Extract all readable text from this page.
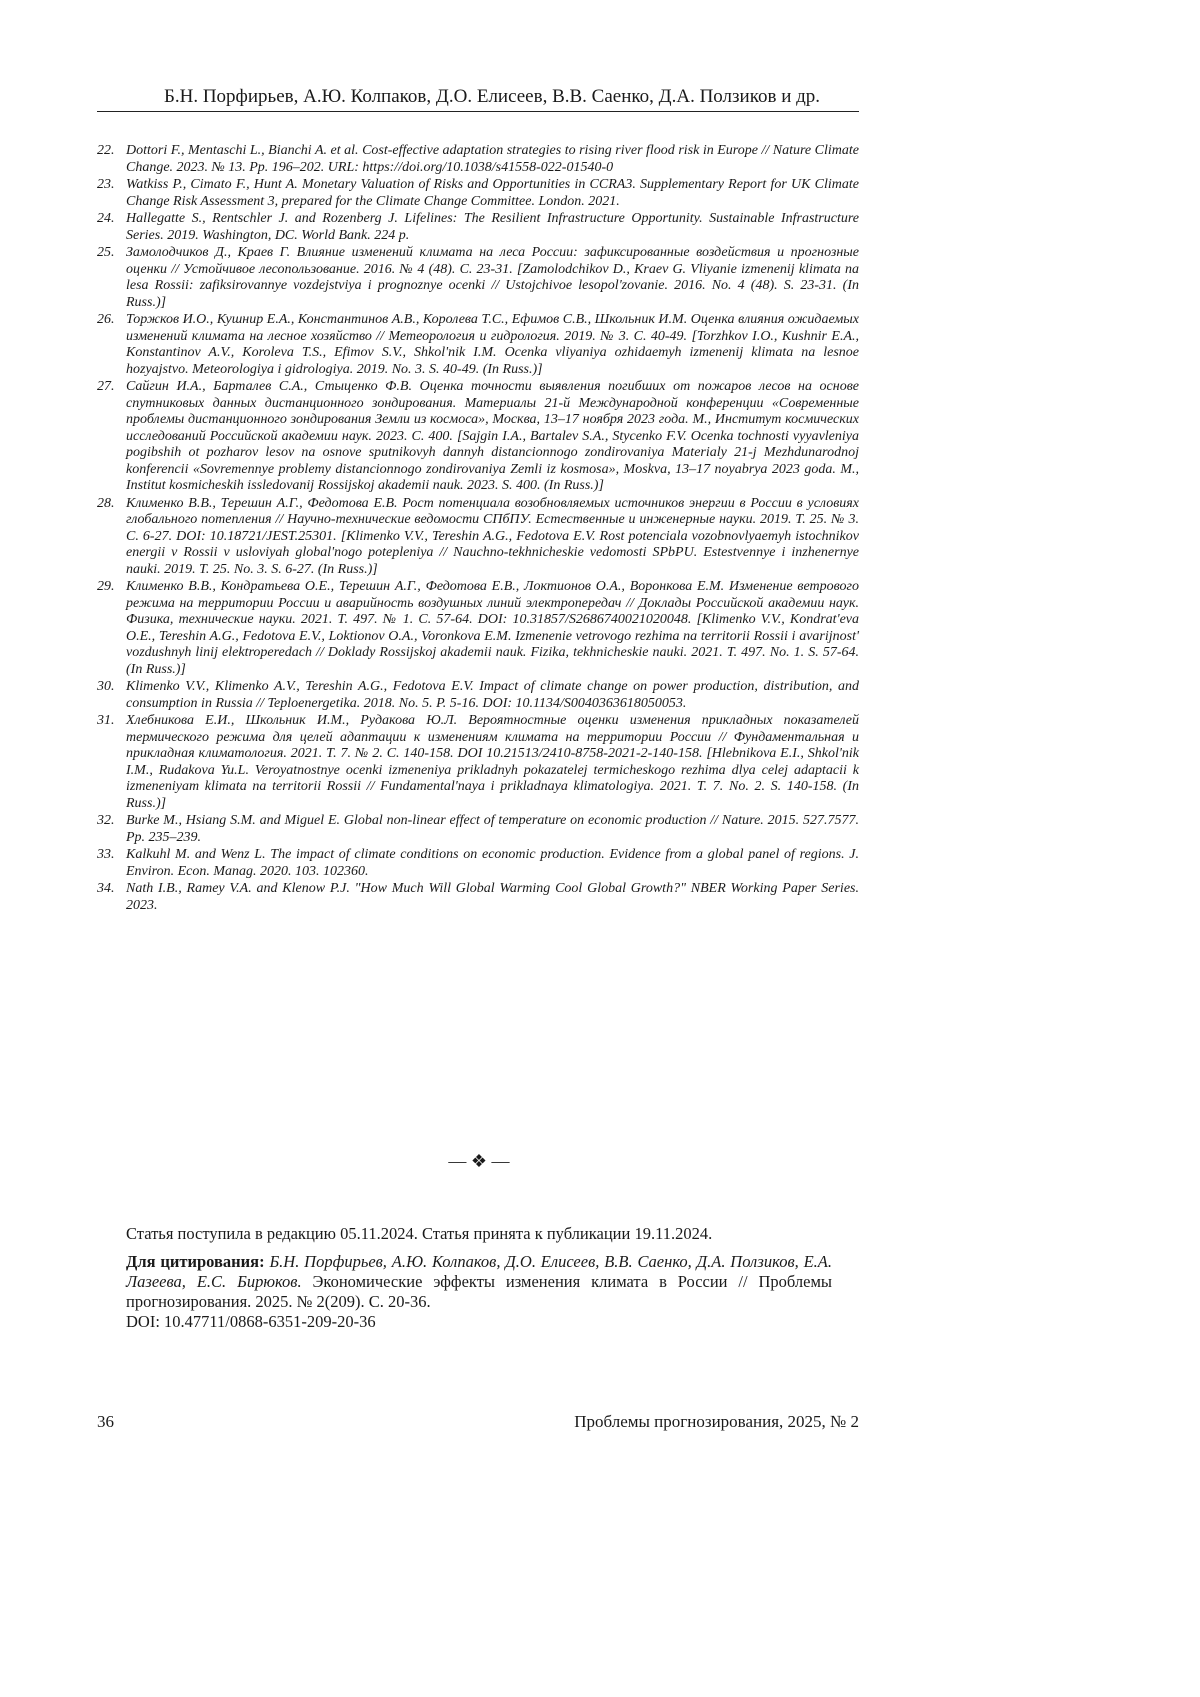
Б.Н. Порфирьев, А.Ю. Колпаков, Д.О. Елисеев, В.В. Саенко, Д.А. Ползиков и др.
22. Dottori F., Mentaschi L., Bianchi A. et al. Cost-effective adaptation strategies to rising river flood risk in Europe // Nature Climate Change. 2023. № 13. Pp. 196–202. URL: https://doi.org/10.1038/s41558-022-01540-0
23. Watkiss P., Cimato F., Hunt A. Monetary Valuation of Risks and Opportunities in CCRA3. Supplementary Report for UK Climate Change Risk Assessment 3, prepared for the Climate Change Committee. London. 2021.
24. Hallegatte S., Rentschler J. and Rozenberg J. Lifelines: The Resilient Infrastructure Opportunity. Sustainable Infrastructure Series. 2019. Washington, DC. World Bank. 224 p.
25. Замолодчиков Д., Краев Г. Влияние изменений климата на леса России: зафиксированные воздействия и прогнозные оценки // Устойчивое лесопользование. 2016. № 4 (48). С. 23-31. [Zamolodchikov D., Kraev G. Vliyanie izmenenij klimata na lesa Rossii: zafiksirovannye vozdejstviya i prognoznye ocenki // Ustojchivoe lesopol'zovanie. 2016. No. 4 (48). S. 23-31. (In Russ.)]
26. Торжков И.О., Кушнир Е.А., Константинов А.В., Королева Т.С., Ефимов С.В., Школьник И.М. Оценка влияния ожидаемых изменений климата на лесное хозяйство // Метеорология и гидрология. 2019. № 3. С. 40-49. [Torzhkov I.O., Kushnir E.A., Konstantinov A.V., Koroleva T.S., Efimov S.V., Shkol'nik I.M. Ocenka vliyaniya ozhidaemyh izmenenij klimata na lesnoe hozyajstvo. Meteorologiya i gidrologiya. 2019. No. 3. S. 40-49. (In Russ.)]
27. Сайгин И.А., Барталев С.А., Стыценко Ф.В. Оценка точности выявления погибших от пожаров лесов на основе спутниковых данных дистанционного зондирования. Материалы 21-й Международной конференции «Современные проблемы дистанционного зондирования Земли из космоса», Москва, 13–17 ноября 2023 года. М., Институт космических исследований Российской академии наук. 2023. С. 400. [Sajgin I.A., Bartalev S.A., Stycenko F.V. Ocenka tochnosti vyyavleniya pogibshih ot pozharov lesov na osnove sputnikovyh dannyh distancionnogo zondirovaniya Materialy 21-j Mezhdunarodnoj konferencii «Sovremennye problemy distancionnogo zondirovaniya Zemli iz kosmosa», Moskva, 13–17 noyabrya 2023 goda. M., Institut kosmicheskih issledovanij Rossijskoj akademii nauk. 2023. S. 400. (In Russ.)]
28. Клименко В.В., Терешин А.Г., Федотова Е.В. Рост потенциала возобновляемых источников энергии в России в условиях глобального потепления // Научно-технические ведомости СПбПУ. Естественные и инженерные науки. 2019. Т. 25. № 3. С. 6-27. DOI: 10.18721/JEST.25301. [Klimenko V.V., Tereshin A.G., Fedotova E.V. Rost potenciala vozobnovlyaemyh istochnikov energii v Rossii v usloviyah global'nogo potepleniya // Nauchno-tekhnicheskie vedomosti SPbPU. Estestvennye i inzhenernye nauki. 2019. T. 25. No. 3. S. 6-27. (In Russ.)]
29. Клименко В.В., Кондратьева О.Е., Терешин А.Г., Федотова Е.В., Локтионов О.А., Воронкова Е.М. Изменение ветрового режима на территории России и аварийность воздушных линий электропередач // Доклады Российской академии наук. Физика, технические науки. 2021. Т. 497. № 1. С. 57-64. DOI: 10.31857/S2686740021020048. [Klimenko V.V., Kondrat'eva O.E., Tereshin A.G., Fedotova E.V., Loktionov O.A., Voronkova E.M. Izmenenie vetrovogo rezhima na territorii Rossii i avarijnost' vozdushnyh linij elektroperedach // Doklady Rossijskoj akademii nauk. Fizika, tekhnicheskie nauki. 2021. T. 497. No. 1. S. 57-64. (In Russ.)]
30. Klimenko V.V., Klimenko A.V., Tereshin A.G., Fedotova E.V. Impact of climate change on power production, distribution, and consumption in Russia // Teploenergetika. 2018. No. 5. P. 5-16. DOI: 10.1134/S0040363618050053.
31. Хлебникова Е.И., Школьник И.М., Рудакова Ю.Л. Вероятностные оценки изменения прикладных показателей термического режима для целей адаптации к изменениям климата на территории России // Фундаментальная и прикладная климатология. 2021. Т. 7. № 2. С. 140-158. DOI 10.21513/2410-8758-2021-2-140-158. [Hlebnikova E.I., Shkol'nik I.M., Rudakova Yu.L. Veroyatnostnye ocenki izmeneniya prikladnyh pokazatelej termicheskogo rezhima dlya celej adaptacii k izmeneniyam klimata na territorii Rossii // Fundamental'naya i prikladnaya klimatologiya. 2021. T. 7. No. 2. S. 140-158. (In Russ.)]
32. Burke M., Hsiang S.M. and Miguel E. Global non-linear effect of temperature on economic production // Nature. 2015. 527.7577. Pp. 235–239.
33. Kalkuhl M. and Wenz L. The impact of climate conditions on economic production. Evidence from a global panel of regions. J. Environ. Econ. Manag. 2020. 103. 102360.
34. Nath I.B., Ramey V.A. and Klenow P.J. "How Much Will Global Warming Cool Global Growth?" NBER Working Paper Series. 2023.
— ❖ —
Статья поступила в редакцию 05.11.2024. Статья принята к публикации 19.11.2024.
Для цитирования: Б.Н. Порфирьев, А.Ю. Колпаков, Д.О. Елисеев, В.В. Саенко, Д.А. Ползиков, Е.А. Лазеева, Е.С. Бирюков. Экономические эффекты изменения климата в России // Проблемы прогнозирования. 2025. № 2(209). С. 20-36.
DOI: 10.47711/0868-6351-209-20-36
36	Проблемы прогнозирования, 2025, № 2
